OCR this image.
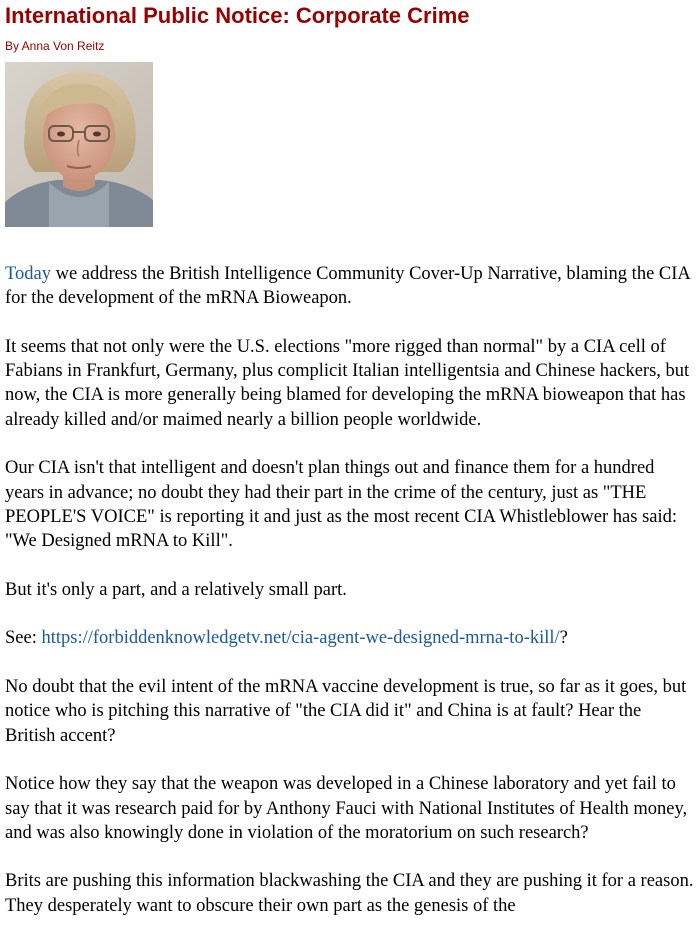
International Public Notice: Corporate Crime
By Anna Von Reitz

Today we address the British Intelligence Community Cover-Up Narrative, blaming the CIA for the development of the mRNA Bioweapon.

It seems that not only were the U.S. elections "more rigged than normal" by a CIA cell of Fabians in Frankfurt, Germany, plus complicit Italian intelligentsia and Chinese hackers, but now, the CIA is more generally being blamed for developing the mRNA bioweapon that has already killed and/or maimed nearly a billion people worldwide.

Our CIA isn't that intelligent and doesn't plan things out and finance them for a hundred years in advance; no doubt they had their part in the crime of the century, just as "THE PEOPLE'S VOICE" is reporting it and just as the most recent CIA Whistleblower has said: "We Designed mRNA to Kill".

But it's only a part, and a relatively small part.

See: https://forbiddenknowledgetv.net/cia-agent-we-designed-mrna-to-kill/?

No doubt that the evil intent of the mRNA vaccine development is true, so far as it goes, but notice who is pitching this narrative of "the CIA did it" and China is at fault? Hear the British accent?

Notice how they say that the weapon was developed in a Chinese laboratory and yet fail to say that it was research paid for by Anthony Fauci with National Institutes of Health money, and was also knowingly done in violation of the moratorium on such research?

Brits are pushing this information blackwashing the CIA and they are pushing it for a reason. They desperately want to obscure their own part as the genesis of the
